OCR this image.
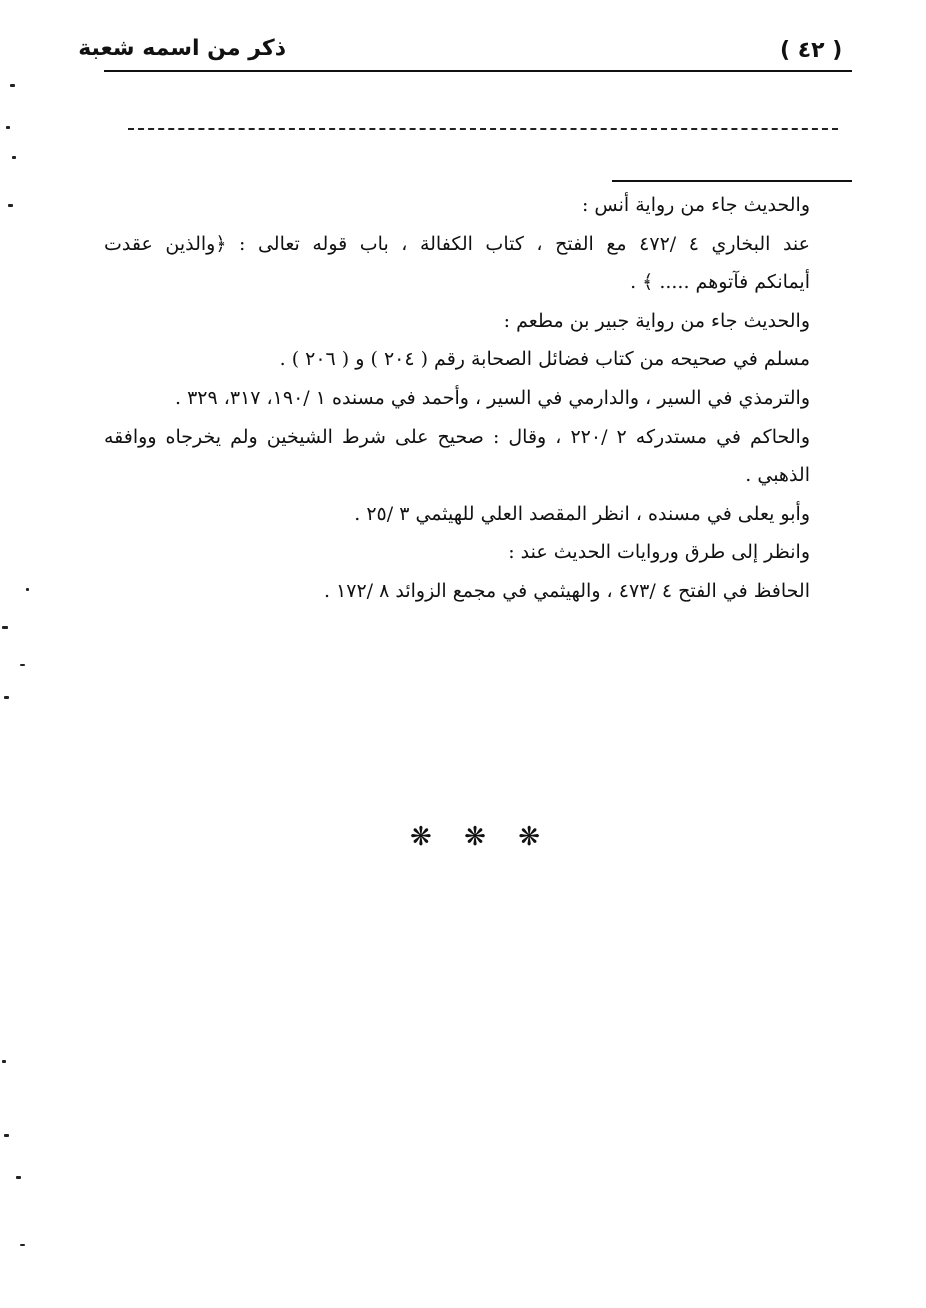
( ٤٢ )
ذكر من اسمه شعبة
والحديث جاء من رواية أنس :
عند البخاري ٤ /٤٧٢ مع الفتح ، كتاب الكفالة ، باب قوله تعالى : ﴿والذين عقدت
أيمانكم فآتوهم ..... ﴾ .
والحديث جاء من رواية جبير بن مطعم :
مسلم في صحيحه من كتاب فضائل الصحابة رقم ( ٢٠٤ ) و ( ٢٠٦ ) .
والترمذي في السير ، والدارمي في السير ، وأحمد في مسنده ١ /١٩٠، ٣١٧، ٣٢٩ .
والحاكم في مستدركه ٢ /٢٢٠ ، وقال : صحيح على شرط الشيخين ولم يخرجاه ووافقه
الذهبي .
وأبو يعلى في مسنده ، انظر المقصد العلي للهيثمي ٣ /٢٥ .
وانظر إلى طرق وروايات الحديث عند :
الحافظ في الفتح ٤ /٤٧٣ ، والهيثمي في مجمع الزوائد ٨ /١٧٢ .
❋ ❋ ❋
